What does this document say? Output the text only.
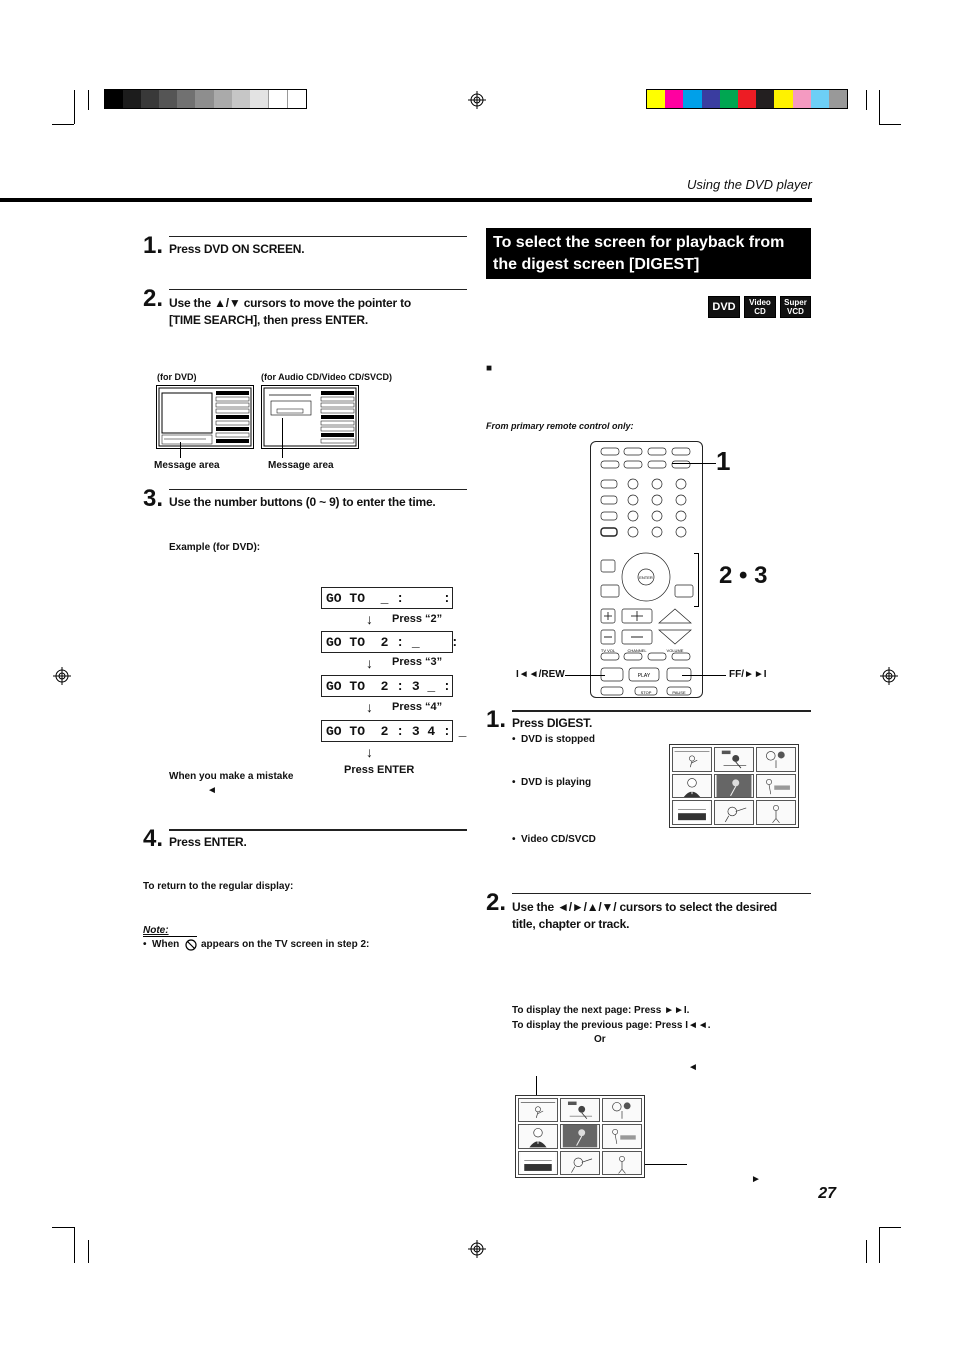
Using the DVD player
1. Press DVD ON SCREEN.
2. Use the ▲/▼ cursors to move the pointer to [TIME SEARCH], then press ENTER.
(for DVD)	(for Audio CD/Video CD/SVCD)
Message area	Message area
3. Use the number buttons (0 ~ 9) to enter the time.
Example (for DVD):
GO TO  _ :     :
↓ Press “2”
GO TO  2 : _    :
↓ Press “3”
GO TO  2 : 3 _ :
↓ Press “4”
GO TO  2 : 3 4 : _
↓
Press ENTER
When you make a mistake
◄
4. Press ENTER.
To return to the regular display:
Note:
•  When appears on the TV screen in step 2:
To select the screen for playback from the digest screen [DIGEST]
DVD	Video CD
Super VCD
■
From primary remote control only:
ENTER
TV VOL	CHANNEL	VOLUME
PLAY
STOP	PAUSE
1
2 • 3
I◄◄/REW	FF/►►I
1. Press DIGEST.
•  DVD is stopped
•  DVD is playing
•  Video CD/SVCD
2. Use the ◄/►/▲/▼/ cursors to select the desired title, chapter or track.
To display the next page: Press ►►I.
To display the previous page: Press I◄◄.
Or
◄
►
27
